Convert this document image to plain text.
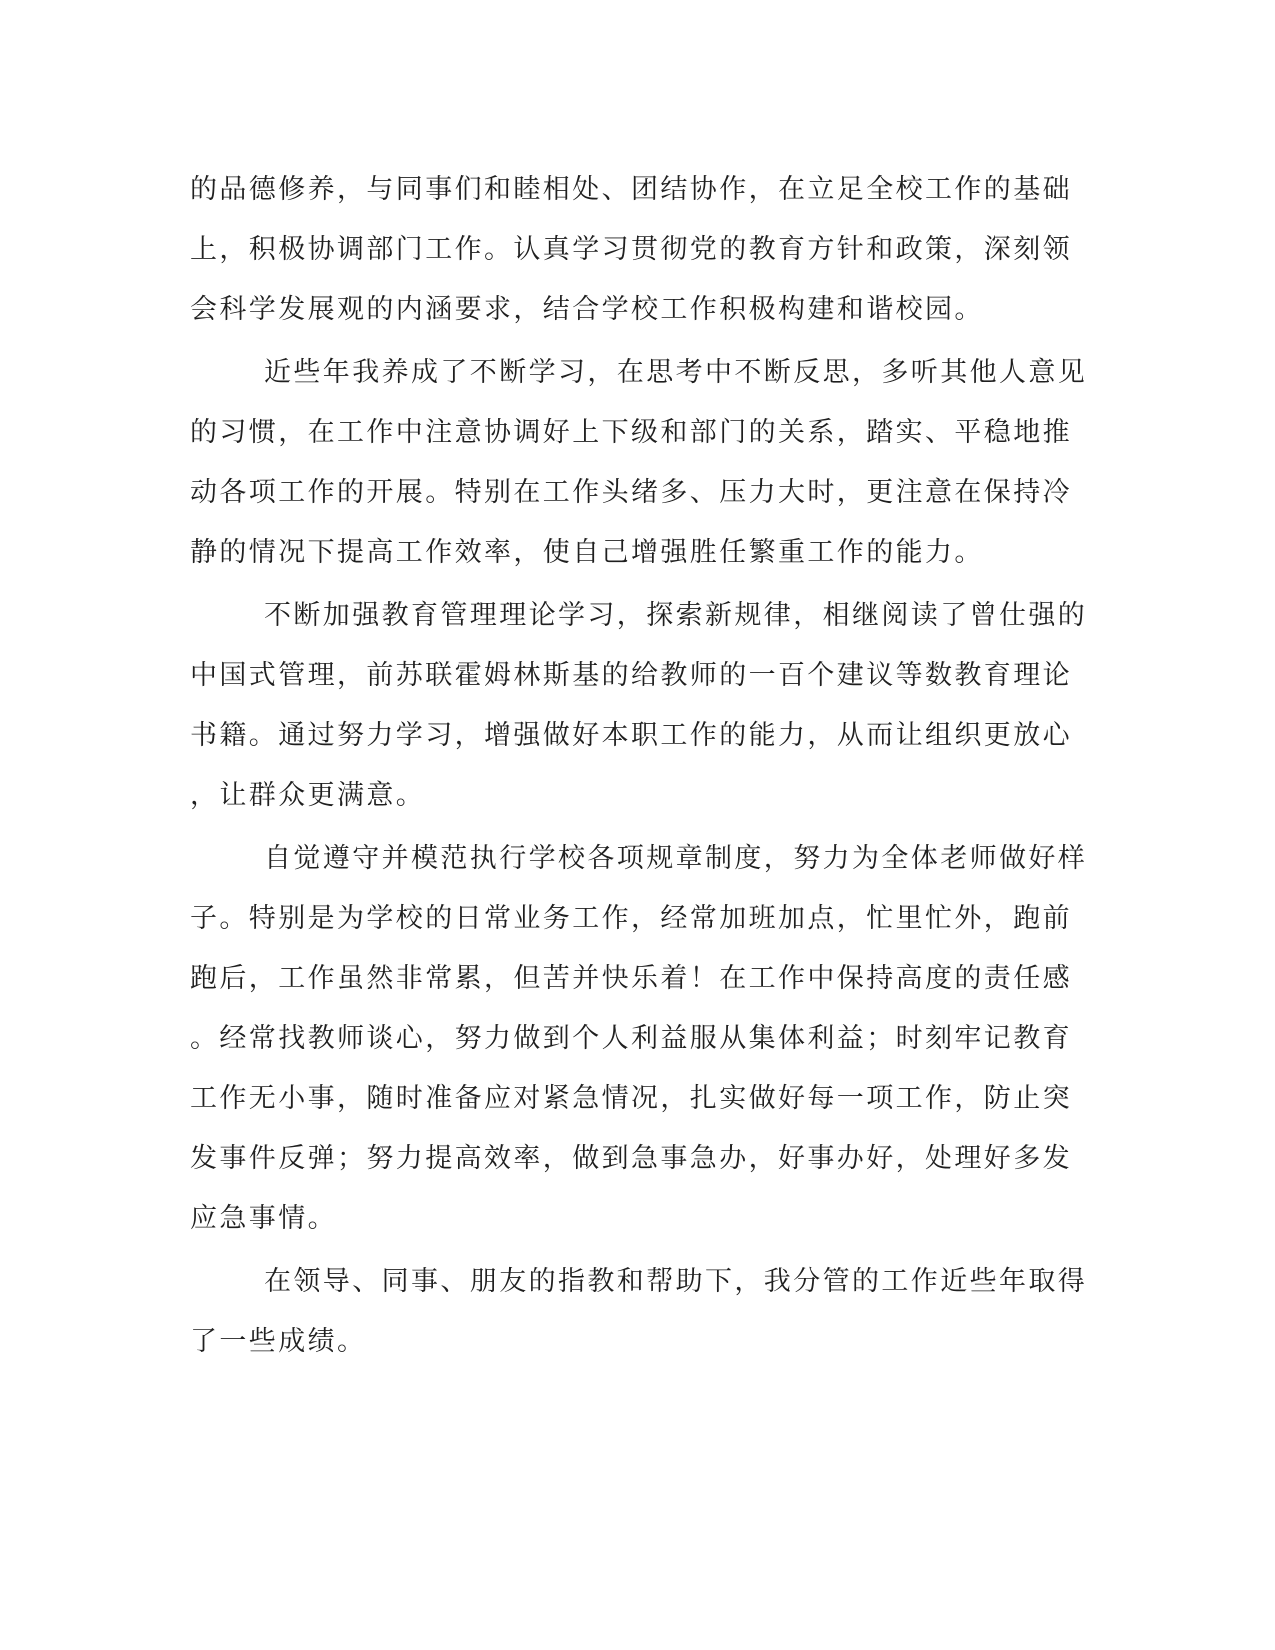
的品德修养，与同事们和睦相处、团结协作，在立足全校工作的基础
上，积极协调部门工作。认真学习贯彻党的教育方针和政策，深刻领
会科学发展观的内涵要求，结合学校工作积极构建和谐校园。
近些年我养成了不断学习，在思考中不断反思，多听其他人意见
的习惯，在工作中注意协调好上下级和部门的关系，踏实、平稳地推
动各项工作的开展。特别在工作头绪多、压力大时，更注意在保持冷
静的情况下提高工作效率，使自己增强胜任繁重工作的能力。
不断加强教育管理理论学习，探索新规律，相继阅读了曾仕强的
中国式管理，前苏联霍姆林斯基的给教师的一百个建议等数教育理论
书籍。通过努力学习，增强做好本职工作的能力，从而让组织更放心
，让群众更满意。
自觉遵守并模范执行学校各项规章制度，努力为全体老师做好样
子。特别是为学校的日常业务工作，经常加班加点，忙里忙外，跑前
跑后，工作虽然非常累，但苦并快乐着！在工作中保持高度的责任感
。经常找教师谈心，努力做到个人利益服从集体利益；时刻牢记教育
工作无小事，随时准备应对紧急情况，扎实做好每一项工作，防止突
发事件反弹；努力提高效率，做到急事急办，好事办好，处理好多发
应急事情。
在领导、同事、朋友的指教和帮助下，我分管的工作近些年取得
了一些成绩。
